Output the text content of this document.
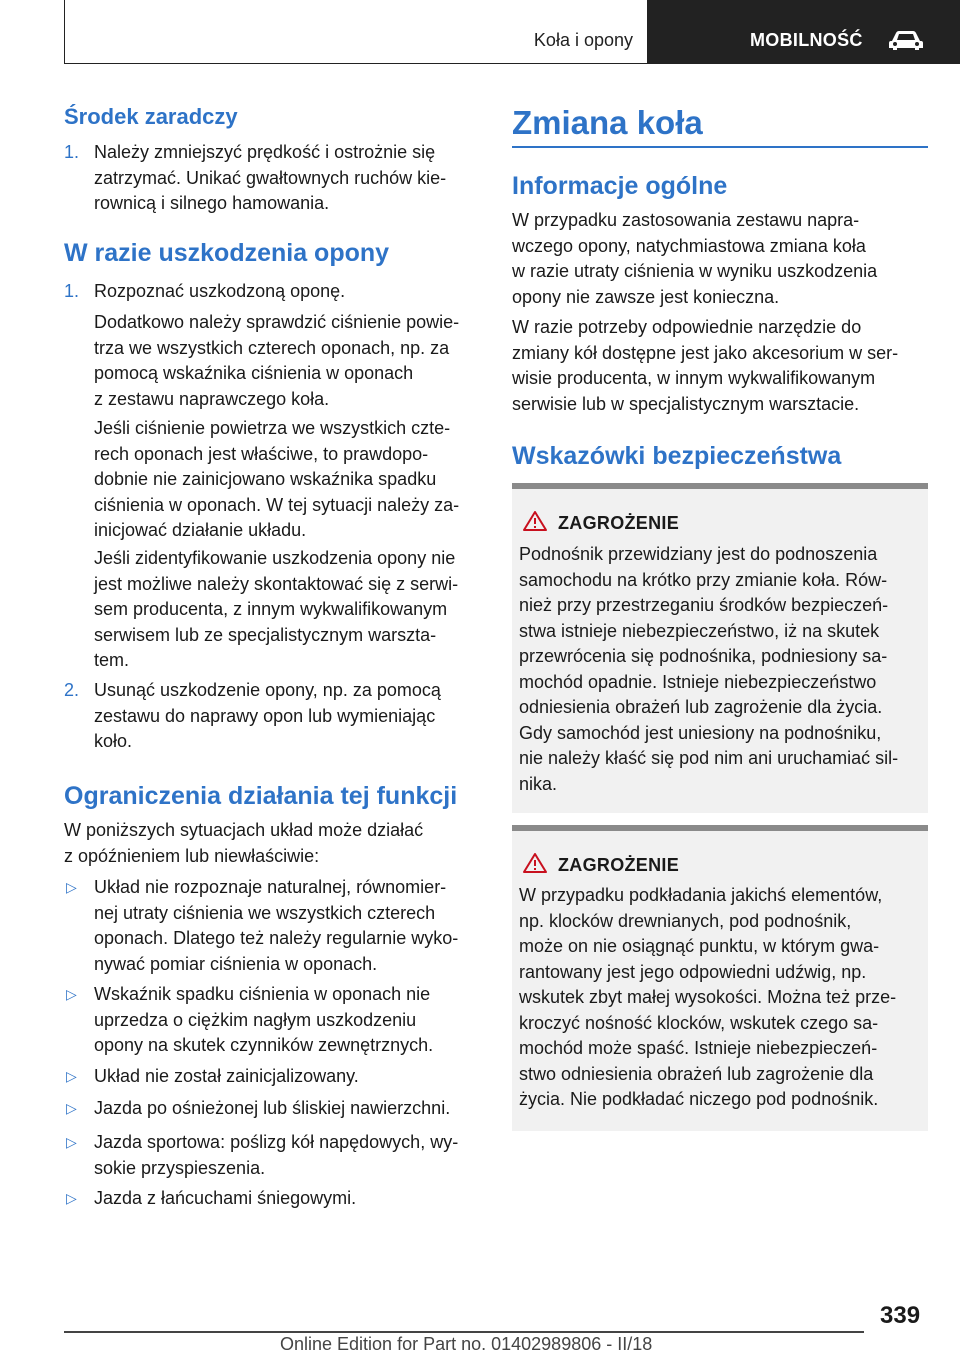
Koła i opony	MOBILNOŚĆ
Środek zaradczy
1. Należy zmniejszyć prędkość i ostrożnie się
zatrzymać. Unikać gwałtownych ruchów kie-
rownicą i silnego hamowania.
W razie uszkodzenia opony
1. Rozpoznać uszkodzoną oponę.
Dodatkowo należy sprawdzić ciśnienie powie-
trza we wszystkich czterech oponach, np. za
pomocą wskaźnika ciśnienia w oponach
z zestawu naprawczego koła.
Jeśli ciśnienie powietrza we wszystkich czte-
rech oponach jest właściwe, to prawdopo-
dobnie nie zainicjowano wskaźnika spadku
ciśnienia w oponach. W tej sytuacji należy za-
inicjować działanie układu.
Jeśli zidentyfikowanie uszkodzenia opony nie
jest możliwe należy skontaktować się z serwi-
sem producenta, z innym wykwalifikowanym
serwisem lub ze specjalistycznym warszta-
tem.
2. Usunąć uszkodzenie opony, np. za pomocą
zestawu do naprawy opon lub wymieniając
koło.
Ograniczenia działania tej funkcji
W poniższych sytuacjach układ może działać
z opóźnieniem lub niewłaściwie:
▷ Układ nie rozpoznaje naturalnej, równomier-
nej utraty ciśnienia we wszystkich czterech
oponach. Dlatego też należy regularnie wyko-
nywać pomiar ciśnienia w oponach.
▷ Wskaźnik spadku ciśnienia w oponach nie
uprzedza o ciężkim nagłym uszkodzeniu
opony na skutek czynników zewnętrznych.
▷ Układ nie został zainicjalizowany.
▷ Jazda po ośnieżonej lub śliskiej nawierzchni.
▷ Jazda sportowa: poślizg kół napędowych, wy-
sokie przyspieszenia.
▷ Jazda z łańcuchami śniegowymi.
Zmiana koła
Informacje ogólne
W przypadku zastosowania zestawu napra-
wczego opony, natychmiastowa zmiana koła
w razie utraty ciśnienia w wyniku uszkodzenia
opony nie zawsze jest konieczna.
W razie potrzeby odpowiednie narzędzie do
zmiany kół dostępne jest jako akcesorium w ser-
wisie producenta, w innym wykwalifikowanym
serwisie lub w specjalistycznym warsztacie.
Wskazówki bezpieczeństwa
ZAGROŻENIE
Podnośnik przewidziany jest do podnoszenia
samochodu na krótko przy zmianie koła. Rów-
nież przy przestrzeganiu środków bezpieczeń-
stwa istnieje niebezpieczeństwo, iż na skutek
przewrócenia się podnośnika, podniesiony sa-
mochód opadnie. Istnieje niebezpieczeństwo
odniesienia obrażeń lub zagrożenie dla życia.
Gdy samochód jest uniesiony na podnośniku,
nie należy kłaść się pod nim ani uruchamiać sil-
nika.
ZAGROŻENIE
W przypadku podkładania jakichś elementów,
np. klocków drewnianych, pod podnośnik,
może on nie osiągnąć punktu, w którym gwa-
rantowany jest jego odpowiedni udźwig, np.
wskutek zbyt małej wysokości. Można też prze-
kroczyć nośność klocków, wskutek czego sa-
mochód może spaść. Istnieje niebezpieczeń-
stwo odniesienia obrażeń lub zagrożenie dla
życia. Nie podkładać niczego pod podnośnik.
339
Online Edition for Part no. 01402989806 - II/18
